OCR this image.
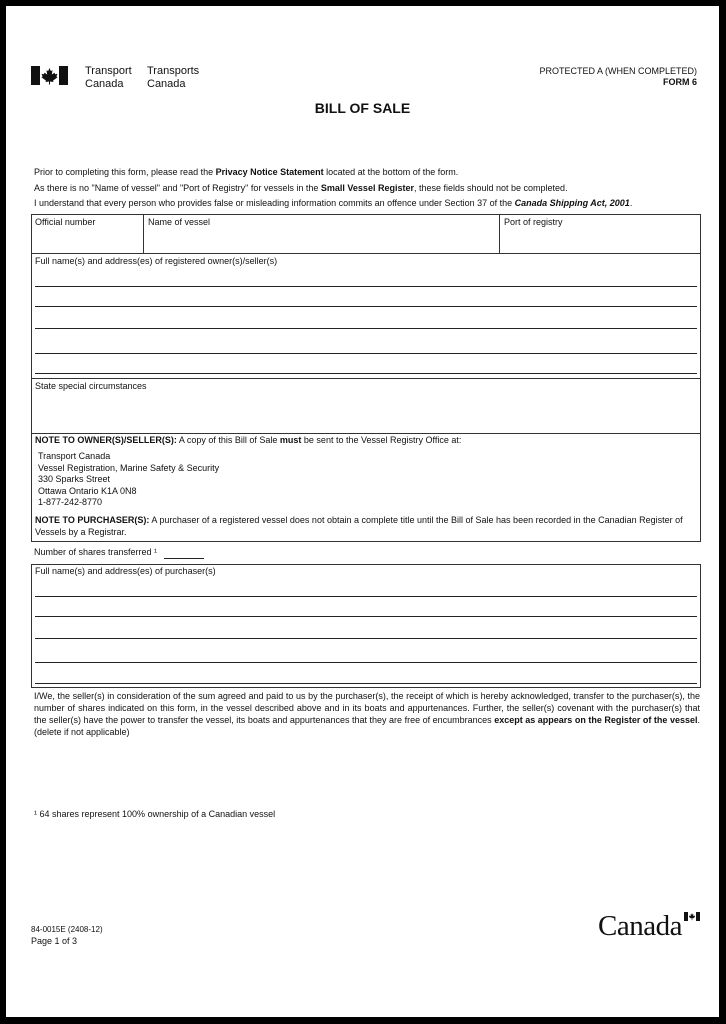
Transport
Canada
Transports
Canada
PROTECTED A (WHEN COMPLETED)
FORM 6
BILL OF SALE
Prior to completing this form, please read the Privacy Notice Statement located at the bottom of the form.
As there is no "Name of vessel" and "Port of Registry" for vessels in the Small Vessel Register, these fields should not be completed.
I understand that every person who provides false or misleading information commits an offence under Section 37 of the Canada Shipping Act, 2001.
Official number	Name of vessel	Port of registry
Full name(s) and address(es) of registered owner(s)/seller(s)
State special circumstances
NOTE TO OWNER(S)/SELLER(S): A copy of this Bill of Sale must be sent to the Vessel Registry Office at:
Transport Canada
Vessel Registration, Marine Safety & Security
330 Sparks Street
Ottawa Ontario K1A 0N8
1-877-242-8770
NOTE TO PURCHASER(S): A purchaser of a registered vessel does not obtain a complete title until the Bill of Sale has been recorded in the Canadian Register of Vessels by a Registrar.
Number of shares transferred ¹
Full name(s) and address(es) of purchaser(s)
I/We, the seller(s) in consideration of the sum agreed and paid to us by the purchaser(s), the receipt of which is hereby acknowledged, transfer to the purchaser(s), the number of shares indicated on this form, in the vessel described above and in its boats and appurtenances. Further, the seller(s) covenant with the purchaser(s) that the seller(s) have the power to transfer the vessel, its boats and appurtenances that they are free of encumbrances except as appears on the Register of the vessel. (delete if not applicable)
¹ 64 shares represent 100% ownership of a Canadian vessel
84-0015E (2408-12)
Page 1 of 3	Canada
